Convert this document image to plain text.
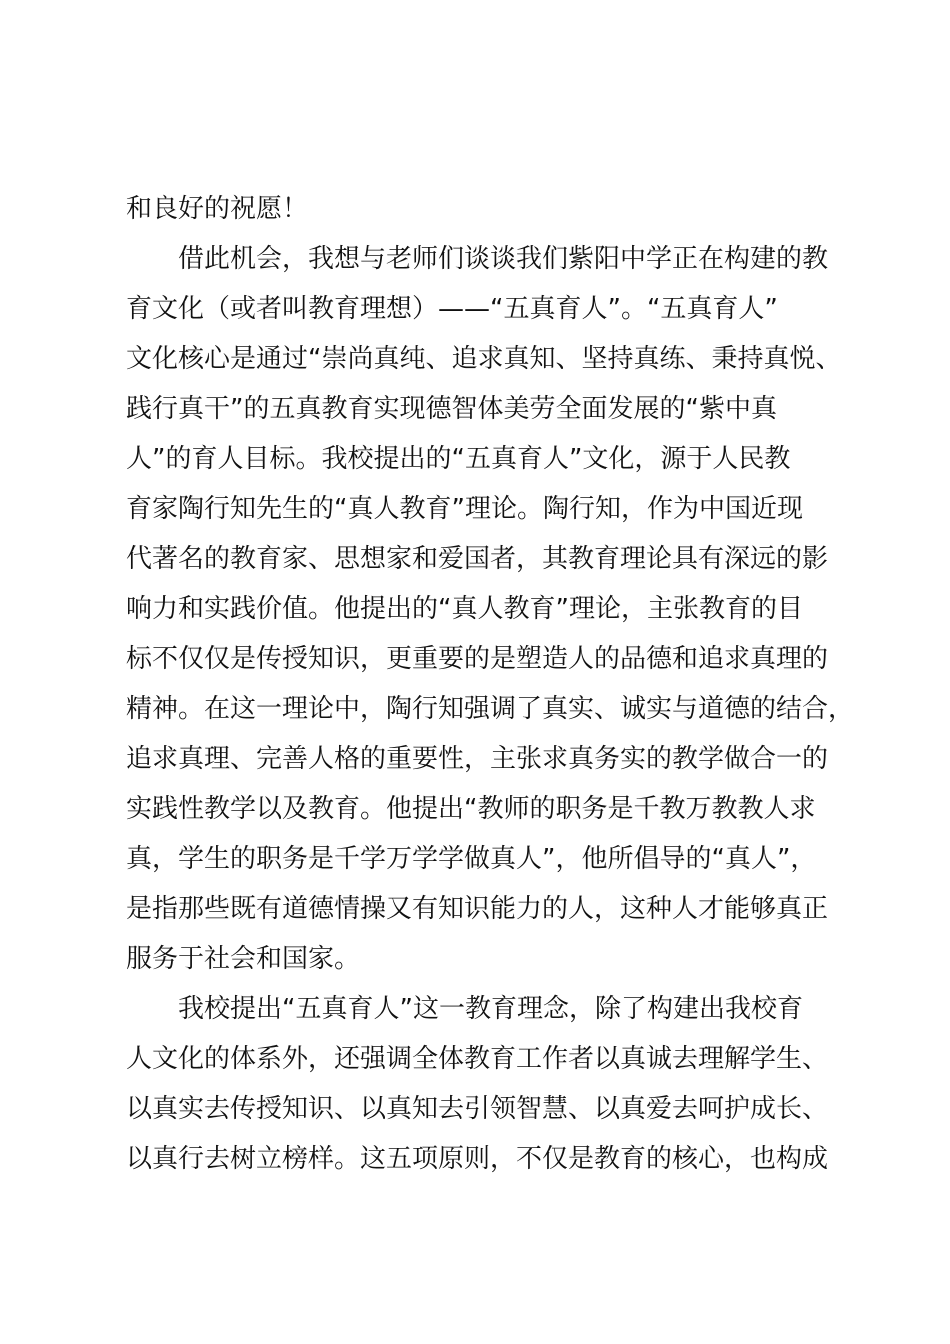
和良好的祝愿！
借此机会，我想与老师们谈谈我们紫阳中学正在构建的教
育文化（或者叫教育理想）——“五真育人”。“五真育人”
文化核心是通过“崇尚真纯、追求真知、坚持真练、秉持真悦、
践行真干”的五真教育实现德智体美劳全面发展的“紫中真
人”的育人目标。我校提出的“五真育人”文化，源于人民教
育家陶行知先生的“真人教育”理论。陶行知，作为中国近现
代著名的教育家、思想家和爱国者，其教育理论具有深远的影
响力和实践价值。他提出的“真人教育”理论，主张教育的目
标不仅仅是传授知识，更重要的是塑造人的品德和追求真理的
精神。在这一理论中，陶行知强调了真实、诚实与道德的结合，
追求真理、完善人格的重要性，主张求真务实的教学做合一的
实践性教学以及教育。他提出“教师的职务是千教万教教人求
真，学生的职务是千学万学学做真人”，他所倡导的“真人”，
是指那些既有道德情操又有知识能力的人，这种人才能够真正
服务于社会和国家。
我校提出“五真育人”这一教育理念，除了构建出我校育
人文化的体系外，还强调全体教育工作者以真诚去理解学生、
以真实去传授知识、以真知去引领智慧、以真爱去呵护成长、
以真行去树立榜样。这五项原则，不仅是教育的核心，也构成
